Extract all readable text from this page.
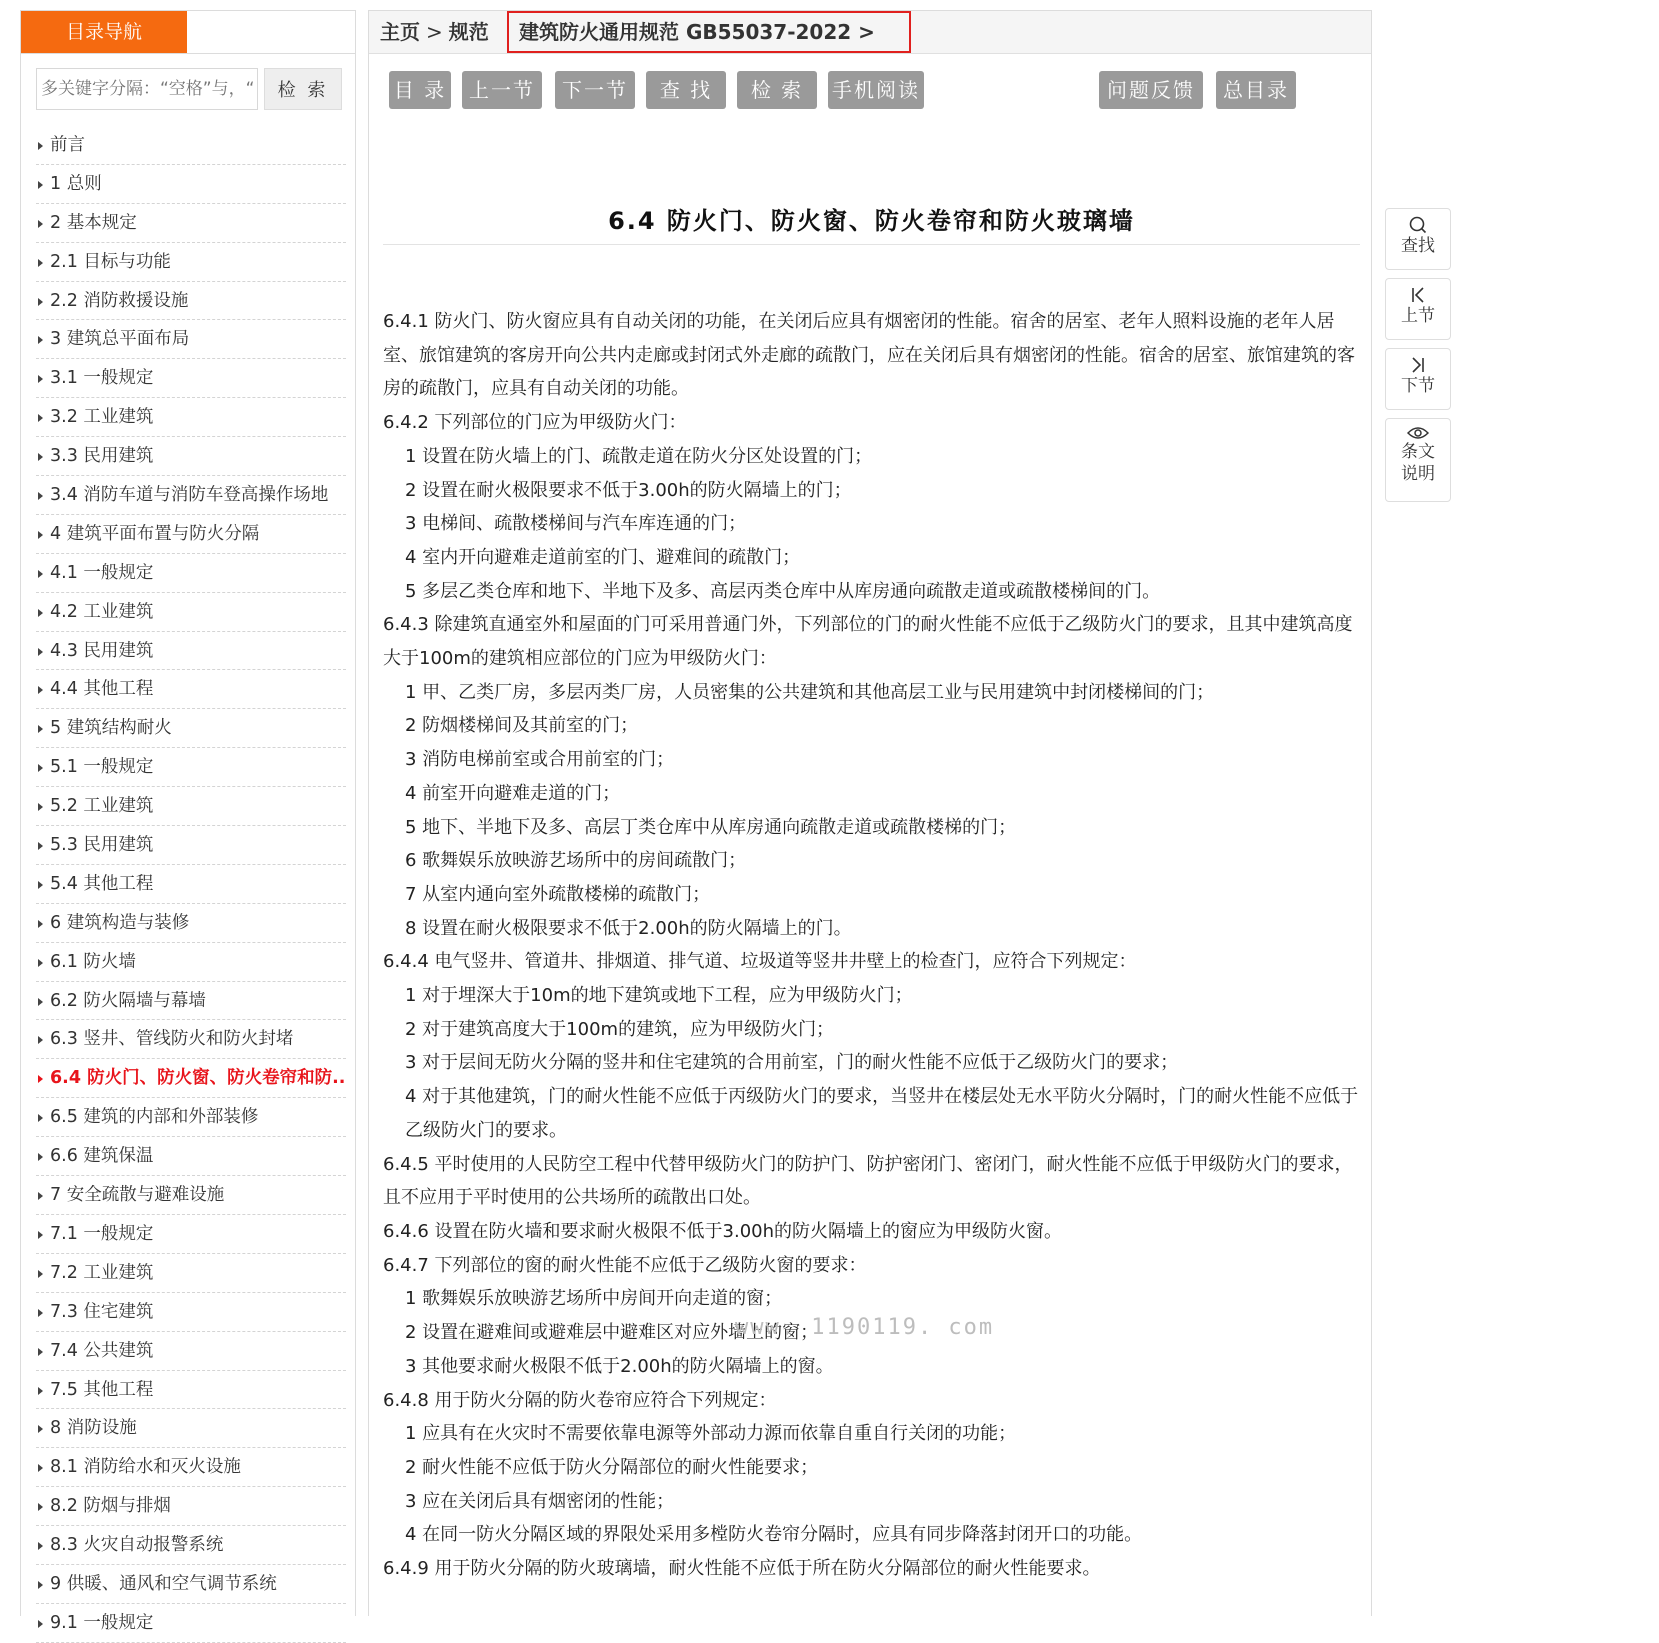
目录导航
多关键字分隔：“空格”与，“
检 索
前言
1 总则
2 基本规定
2.1 目标与功能
2.2 消防救援设施
3 建筑总平面布局
3.1 一般规定
3.2 工业建筑
3.3 民用建筑
3.4 消防车道与消防车登高操作场地
4 建筑平面布置与防火分隔
4.1 一般规定
4.2 工业建筑
4.3 民用建筑
4.4 其他工程
5 建筑结构耐火
5.1 一般规定
5.2 工业建筑
5.3 民用建筑
5.4 其他工程
6 建筑构造与装修
6.1 防火墙
6.2 防火隔墙与幕墙
6.3 竖井、管线防火和防火封堵
6.4 防火门、防火窗、防火卷帘和防..
6.5 建筑的内部和外部装修
6.6 建筑保温
7 安全疏散与避难设施
7.1 一般规定
7.2 工业建筑
7.3 住宅建筑
7.4 公共建筑
7.5 其他工程
8 消防设施
8.1 消防给水和灭火设施
8.2 防烟与排烟
8.3 火灾自动报警系统
9 供暖、通风和空气调节系统
9.1 一般规定
主页 > 规范	建筑防火通用规范 GB55037-2022 >
目 录	上一节	下一节	查 找	检 索	手机阅读	问题反馈	总目录
6.4 防火门、防火窗、防火卷帘和防火玻璃墙

6.4.1 防火门、防火窗应具有自动关闭的功能，在关闭后应具有烟密闭的性能。宿舍的居室、老年人照料设施的老年人居室、旅馆建筑的客房开向公共内走廊或封闭式外走廊的疏散门，应在关闭后具有烟密闭的性能。宿舍的居室、旅馆建筑的客房的疏散门，应具有自动关闭的功能。

6.4.2 下列部位的门应为甲级防火门：

1 设置在防火墙上的门、疏散走道在防火分区处设置的门；

2 设置在耐火极限要求不低于3.00h的防火隔墙上的门；

3 电梯间、疏散楼梯间与汽车库连通的门；

4 室内开向避难走道前室的门、避难间的疏散门；

5 多层乙类仓库和地下、半地下及多、高层丙类仓库中从库房通向疏散走道或疏散楼梯间的门。

6.4.3 除建筑直通室外和屋面的门可采用普通门外，下列部位的门的耐火性能不应低于乙级防火门的要求，且其中建筑高度大于100m的建筑相应部位的门应为甲级防火门：

1 甲、乙类厂房，多层丙类厂房，人员密集的公共建筑和其他高层工业与民用建筑中封闭楼梯间的门；

2 防烟楼梯间及其前室的门；

3 消防电梯前室或合用前室的门；

4 前室开向避难走道的门；

5 地下、半地下及多、高层丁类仓库中从库房通向疏散走道或疏散楼梯的门；

6 歌舞娱乐放映游艺场所中的房间疏散门；

7 从室内通向室外疏散楼梯的疏散门；

8 设置在耐火极限要求不低于2.00h的防火隔墙上的门。

6.4.4 电气竖井、管道井、排烟道、排气道、垃圾道等竖井井壁上的检查门，应符合下列规定：

1 对于埋深大于10m的地下建筑或地下工程，应为甲级防火门；

2 对于建筑高度大于100m的建筑，应为甲级防火门；

3 对于层间无防火分隔的竖井和住宅建筑的合用前室，门的耐火性能不应低于乙级防火门的要求；

4 对于其他建筑，门的耐火性能不应低于丙级防火门的要求，当竖井在楼层处无水平防火分隔时，门的耐火性能不应低于乙级防火门的要求。

6.4.5 平时使用的人民防空工程中代替甲级防火门的防护门、防护密闭门、密闭门，耐火性能不应低于甲级防火门的要求，且不应用于平时使用的公共场所的疏散出口处。

6.4.6 设置在防火墙和要求耐火极限不低于3.00h的防火隔墙上的窗应为甲级防火窗。

6.4.7 下列部位的窗的耐火性能不应低于乙级防火窗的要求：

1 歌舞娱乐放映游艺场所中房间开向走道的窗；

2 设置在避难间或避难层中避难区对应外墙上的窗；

3 其他要求耐火极限不低于2.00h的防火隔墙上的窗。

6.4.8 用于防火分隔的防火卷帘应符合下列规定：

1 应具有在火灾时不需要依靠电源等外部动力源而依靠自重自行关闭的功能；

2 耐火性能不应低于防火分隔部位的耐火性能要求；

3 应在关闭后具有烟密闭的性能；

4 在同一防火分隔区域的界限处采用多樘防火卷帘分隔时，应具有同步降落封闭开口的功能。

6.4.9 用于防火分隔的防火玻璃墙，耐火性能不应低于所在防火分隔部位的耐火性能要求。

www. 1190119. com
查找
上节
下节
条文
说明
